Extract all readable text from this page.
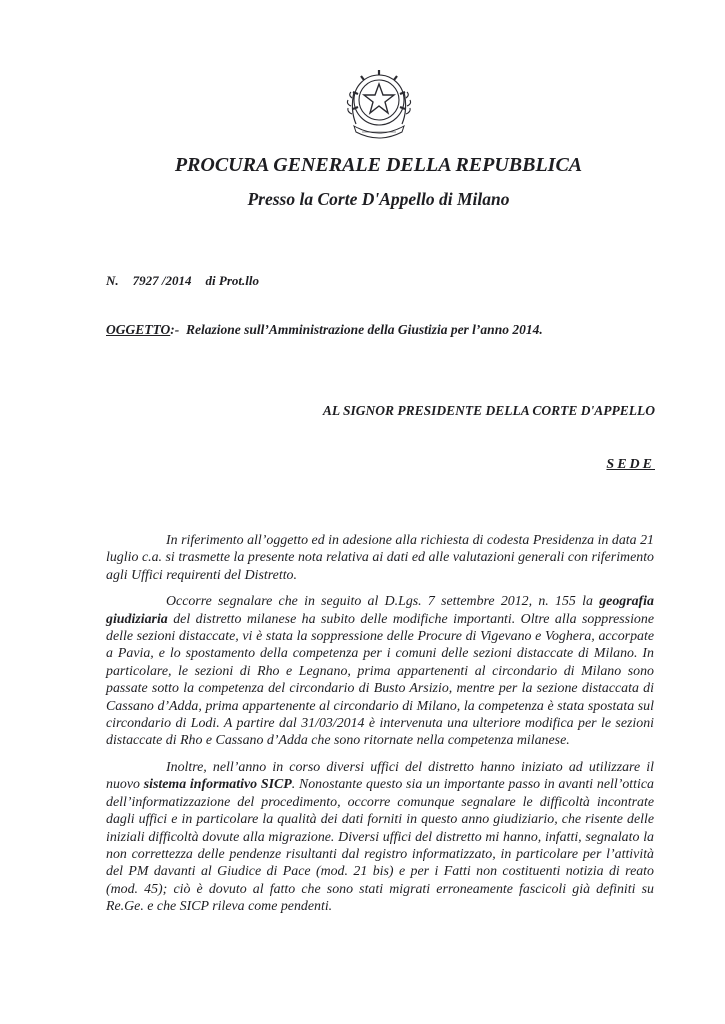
PROCURA GENERALE DELLA REPUBBLICA
Presso la Corte D'Appello di Milano
N. 7927 /2014 di Prot.llo
OGGETTO:- Relazione sull’Amministrazione della Giustizia per l’anno 2014.
AL SIGNOR PRESIDENTE DELLA CORTE D'APPELLO
SEDE

In riferimento all’oggetto ed in adesione alla richiesta di codesta Presidenza in data 21 luglio c.a. si trasmette la presente nota relativa ai dati ed alle valutazioni generali con riferimento agli Uffici requirenti del Distretto.

Occorre segnalare che in seguito al D.Lgs. 7 settembre 2012, n. 155 la geografia giudiziaria del distretto milanese ha subito delle modifiche importanti. Oltre alla soppressione delle sezioni distaccate, vi è stata la soppressione delle Procure di Vigevano e Voghera, accorpate a Pavia, e lo spostamento della competenza per i comuni delle sezioni distaccate di Milano. In particolare, le sezioni di Rho e Legnano, prima appartenenti al circondario di Milano sono passate sotto la competenza del circondario di Busto Arsizio, mentre per la sezione distaccata di Cassano d’Adda, prima appartenente al circondario di Milano, la competenza è stata spostata sul circondario di Lodi. A partire dal 31/03/2014 è intervenuta una ulteriore modifica per le sezioni distaccate di Rho e Cassano d’Adda che sono ritornate nella competenza milanese.

Inoltre, nell’anno in corso diversi uffici del distretto hanno iniziato ad utilizzare il nuovo sistema informativo SICP. Nonostante questo sia un importante passo in avanti nell’ottica dell’informatizzazione del procedimento, occorre comunque segnalare le difficoltà incontrate dagli uffici e in particolare la qualità dei dati forniti in questo anno giudiziario, che risente delle iniziali difficoltà dovute alla migrazione. Diversi uffici del distretto mi hanno, infatti, segnalato la non correttezza delle pendenze risultanti dal registro informatizzato, in particolare per l’attività del PM davanti al Giudice di Pace (mod. 21 bis) e per i Fatti non costituenti notizia di reato (mod. 45); ciò è dovuto al fatto che sono stati migrati erroneamente fascicoli già definiti su Re.Ge. e che SICP rileva come pendenti.
